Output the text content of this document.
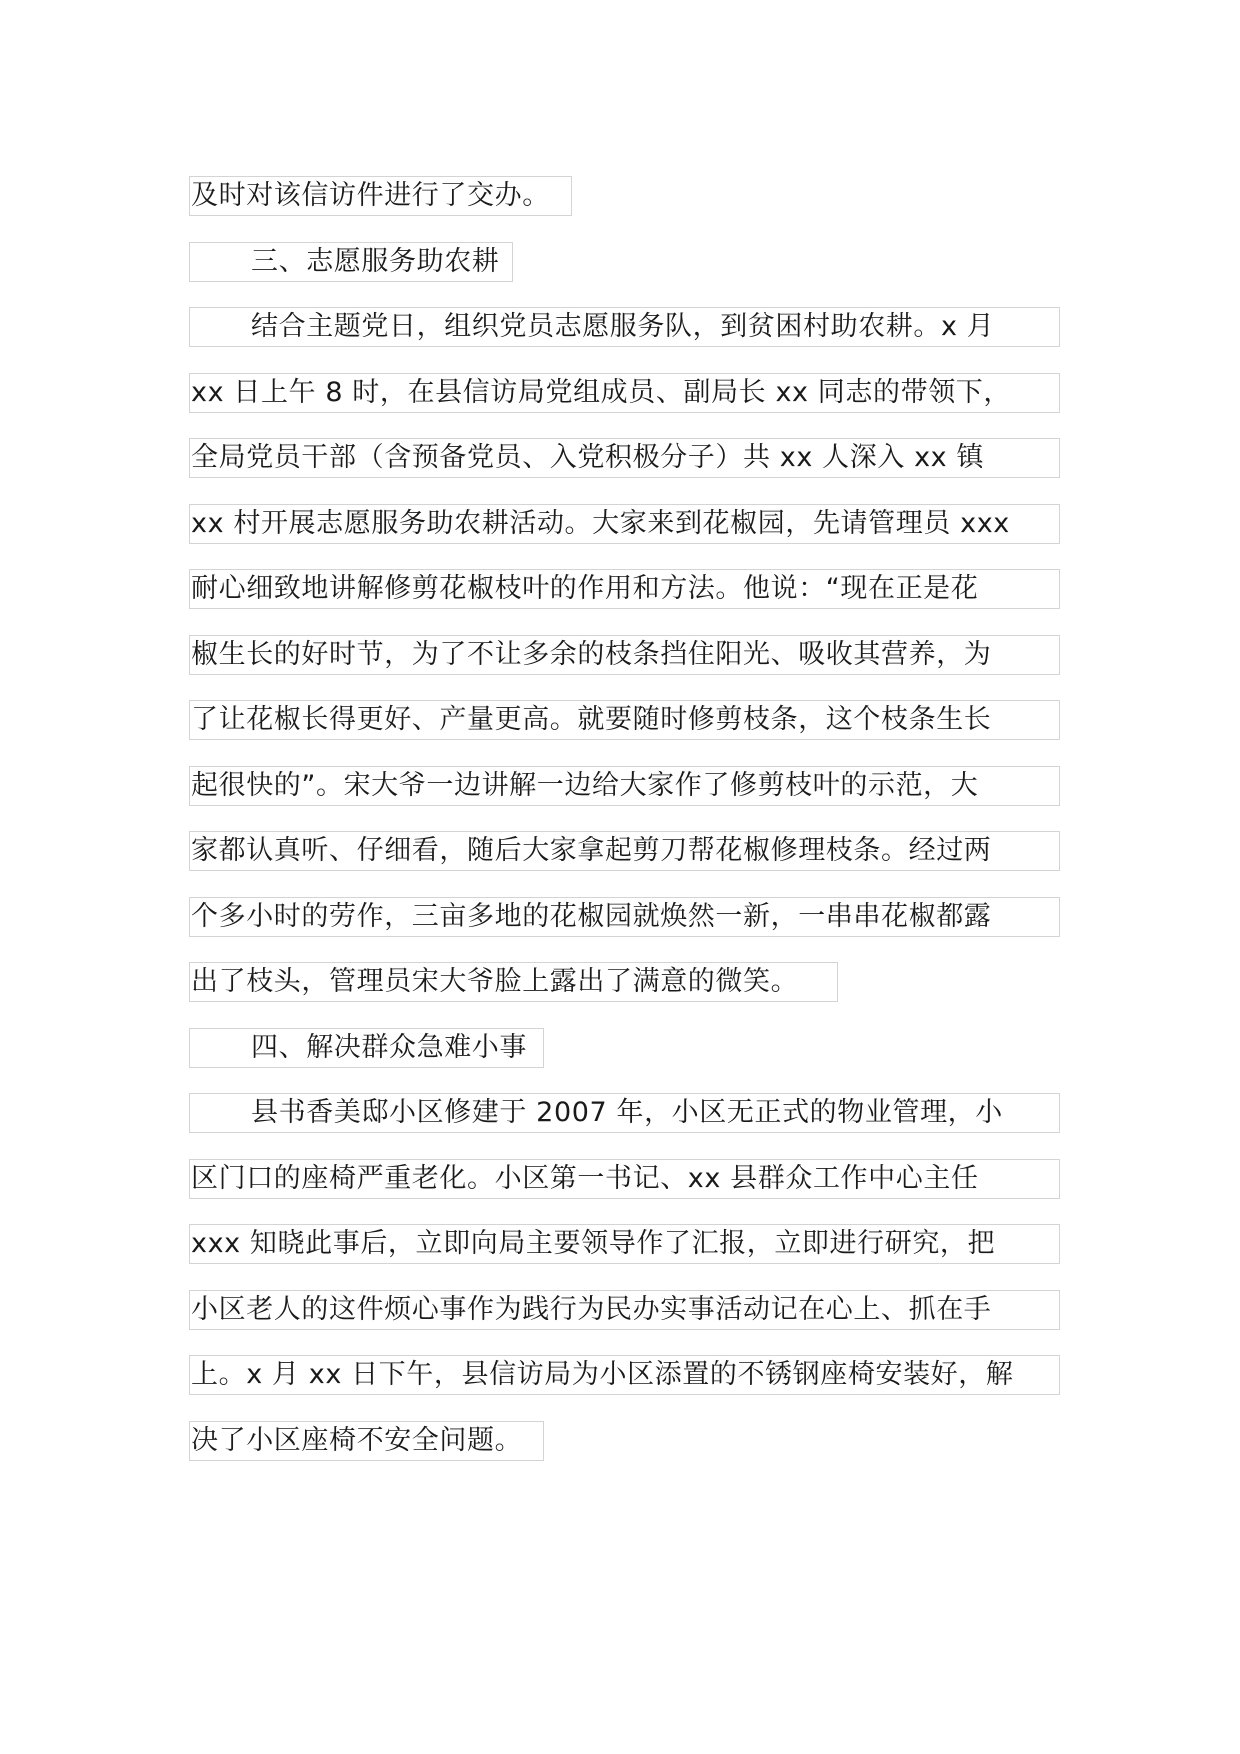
及时对该信访件进行了交办。
三、志愿服务助农耕
结合主题党日，组织党员志愿服务队，到贫困村助农耕。x 月
xx 日上午 8 时，在县信访局党组成员、副局长 xx 同志的带领下，
全局党员干部（含预备党员、入党积极分子）共 xx 人深入 xx 镇
xx 村开展志愿服务助农耕活动。大家来到花椒园，先请管理员 xxx
耐心细致地讲解修剪花椒枝叶的作用和方法。他说：“现在正是花
椒生长的好时节，为了不让多余的枝条挡住阳光、吸收其营养，为
了让花椒长得更好、产量更高。就要随时修剪枝条，这个枝条生长
起很快的”。宋大爷一边讲解一边给大家作了修剪枝叶的示范，大
家都认真听、仔细看，随后大家拿起剪刀帮花椒修理枝条。经过两
个多小时的劳作，三亩多地的花椒园就焕然一新，一串串花椒都露
出了枝头，管理员宋大爷脸上露出了满意的微笑。
四、解决群众急难小事
县书香美邸小区修建于 2007 年，小区无正式的物业管理，小
区门口的座椅严重老化。小区第一书记、xx 县群众工作中心主任
xxx 知晓此事后，立即向局主要领导作了汇报，立即进行研究，把
小区老人的这件烦心事作为践行为民办实事活动记在心上、抓在手
上。x 月 xx 日下午，县信访局为小区添置的不锈钢座椅安装好，解
决了小区座椅不安全问题。
